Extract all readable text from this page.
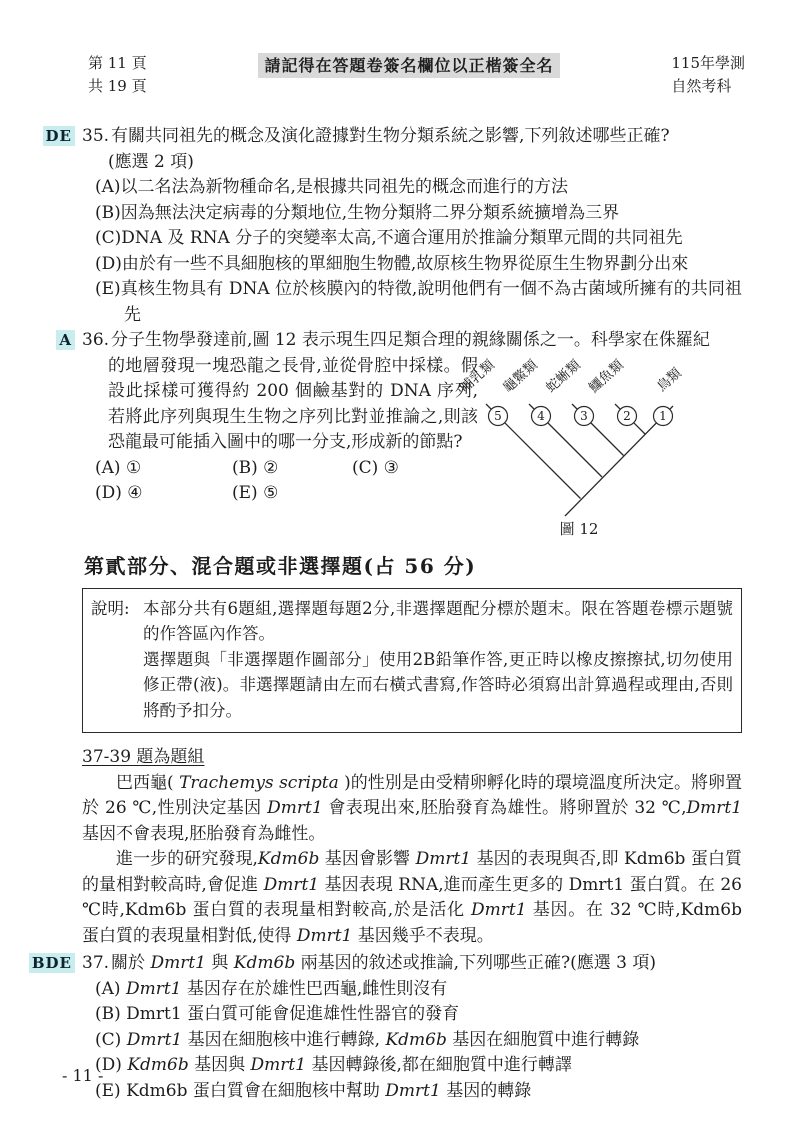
第 11 頁
共 19 頁
請記得在答題卷簽名欄位以正楷簽全名	115年學測
自然考科
DE 35. 有關共同祖先的概念及演化證據對生物分類系統之影響,下列敘述哪些正確?
(應選 2 項)
(A)以二名法為新物種命名,是根據共同祖先的概念而進行的方法
(B)因為無法決定病毒的分類地位,生物分類將二界分類系統擴增為三界
(C)DNA 及 RNA 分子的突變率太高,不適合運用於推論分類單元間的共同祖先
(D)由於有一些不具細胞核的單細胞生物體,故原核生物界從原生生物界劃分出來
(E)真核生物具有 DNA 位於核膜內的特徵,說明他們有一個不為古菌域所擁有的共同祖先
A 36. 分子生物學發達前,圖 12 表示現生四足類合理的親緣關係之一。科學家在侏羅紀
的地層發現一塊恐龍之長骨,並從骨腔中採樣。假設此採樣可獲得約 200 個鹼基對的 DNA 序列,若將此序列與現生生物之序列比對並推論之,則該恐龍最可能插入圖中的哪一分支,形成新的節點?
(A) ①	(B) ②	(C) ③
(D) ④	(E) ⑤
5	4	3	2 1
哺乳類 龜鱉類 蛇蜥類 鱷魚類 鳥類
圖 12
第貳部分、混合題或非選擇題(占 56 分)
說明: 本部分共有6題組,選擇題每題2分,非選擇題配分標於題末。限在答題卷標示題號的作答區內作答。

選擇題與「非選擇題作圖部分」使用2B鉛筆作答,更正時以橡皮擦擦拭,切勿使用修正帶(液)。非選擇題請由左而右橫式書寫,作答時必須寫出計算過程或理由,否則將酌予扣分。

37-39 題為題組

巴西龜( Trachemys scripta )的性別是由受精卵孵化時的環境溫度所決定。將卵置於 26 ℃,性別決定基因 Dmrt1 會表現出來,胚胎發育為雄性。將卵置於 32 ℃,Dmrt1 基因不會表現,胚胎發育為雌性。

進一步的研究發現,Kdm6b 基因會影響 Dmrt1 基因的表現與否,即 Kdm6b 蛋白質的量相對較高時,會促進 Dmrt1 基因表現 RNA,進而產生更多的 Dmrt1 蛋白質。在 26 ℃時,Kdm6b 蛋白質的表現量相對較高,於是活化 Dmrt1 基因。在 32 ℃時,Kdm6b 蛋白質的表現量相對低,使得 Dmrt1 基因幾乎不表現。

BDE 37. 關於 Dmrt1 與 Kdm6b 兩基因的敘述或推論,下列哪些正確?(應選 3 項)
(A) Dmrt1 基因存在於雄性巴西龜,雌性則沒有
(B) Dmrt1 蛋白質可能會促進雄性性器官的發育
(C) Dmrt1 基因在細胞核中進行轉錄, Kdm6b 基因在細胞質中進行轉錄
(D) Kdm6b 基因與 Dmrt1 基因轉錄後,都在細胞質中進行轉譯
(E) Kdm6b 蛋白質會在細胞核中幫助 Dmrt1 基因的轉錄
- 11 -
